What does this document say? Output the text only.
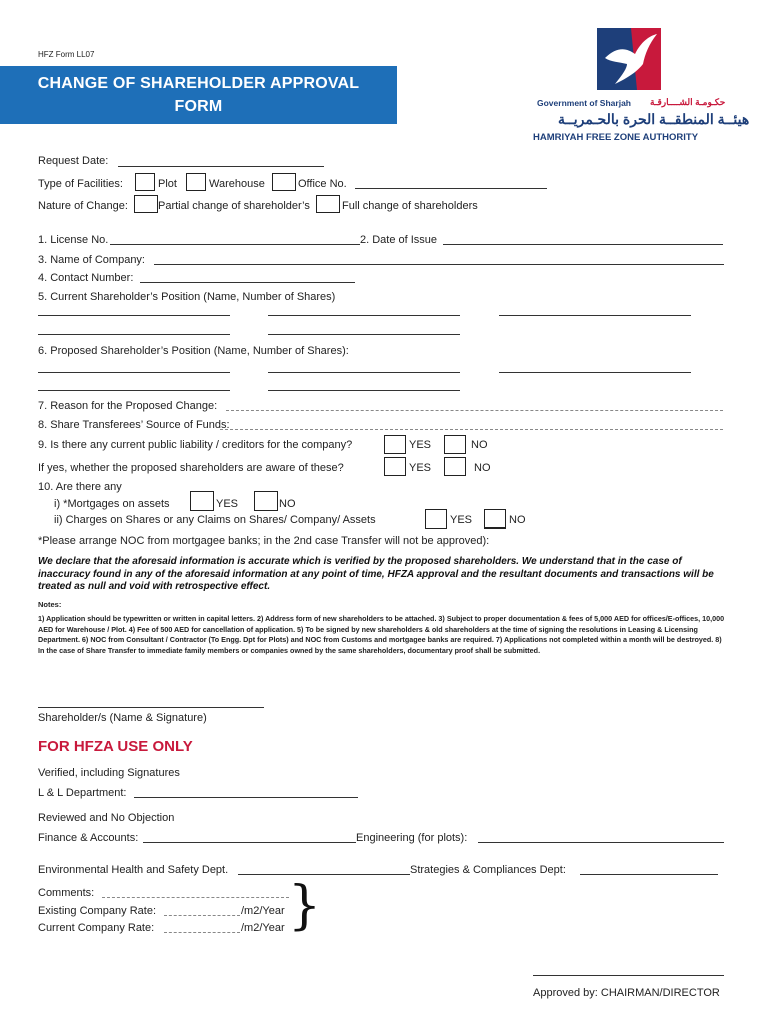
HFZ Form LL07
CHANGE OF SHAREHOLDER APPROVAL
FORM	Government of Sharjah حكـومـة الشــــارقـة
هيئــة المنطقــة الحرة بالحـمريــة
HAMRIYAH FREE ZONE AUTHORITY
Request Date:
Type of Facilities:	Plot	Warehouse	Office No.
Nature of Change:	Partial change of shareholder’s	Full change of shareholders
1. License No.	2. Date of Issue
3. Name of Company:
4. Contact Number:
5. Current Shareholder’s Position (Name, Number of Shares)
6. Proposed Shareholder’s Position (Name, Number of Shares):
7. Reason for the Proposed Change:
8. Share Transferees’ Source of Funds:
9. Is there any current public liability / creditors for the company?	YES	NO
If yes, whether the proposed shareholders are aware of these?	YES	NO
10. Are there any
i) *Mortgages on assets	YES	NO
ii) Charges on Shares or any Claims on Shares/ Company/ Assets	YES	NO
*Please arrange NOC from mortgagee banks; in the 2nd case Transfer will not be approved):
We declare that the aforesaid information is accurate which is verified by the proposed shareholders. We understand that in the case of inaccuracy found in any of the aforesaid information at any point of time, HFZA approval and the resultant documents and transactions will be treated as null and void with retrospective effect.
Notes:
1) Application should be typewritten or written in capital letters. 2) Address form of new shareholders to be attached. 3) Subject to proper documentation & fees of 5,000 AED for offices/E-offices, 10,000 AED for Warehouse / Plot. 4) Fee of 500 AED for cancellation of application. 5) To be signed by new shareholders & old shareholders at the time of signing the resolutions in Leasing & Licensing Department. 6) NOC from Consultant / Contractor (To Engg. Dpt for Plots) and NOC from Customs and mortgagee banks are required. 7) Applications not completed within a month will be destroyed. 8) In the case of Share Transfer to immediate family members or companies owned by the same shareholders, documentary proof shall be submitted.
Shareholder/s (Name & Signature)
FOR HFZA USE ONLY
Verified, including Signatures
L & L Department:
Reviewed and No Objection
Finance & Accounts:	Engineering (for plots):
Environmental Health and Safety Dept.	Strategies & Compliances Dept:
Comments:
Existing Company Rate:	/m2/Year
Current Company Rate:	/m2/Year }
Approved by: CHAIRMAN/DIRECTOR
